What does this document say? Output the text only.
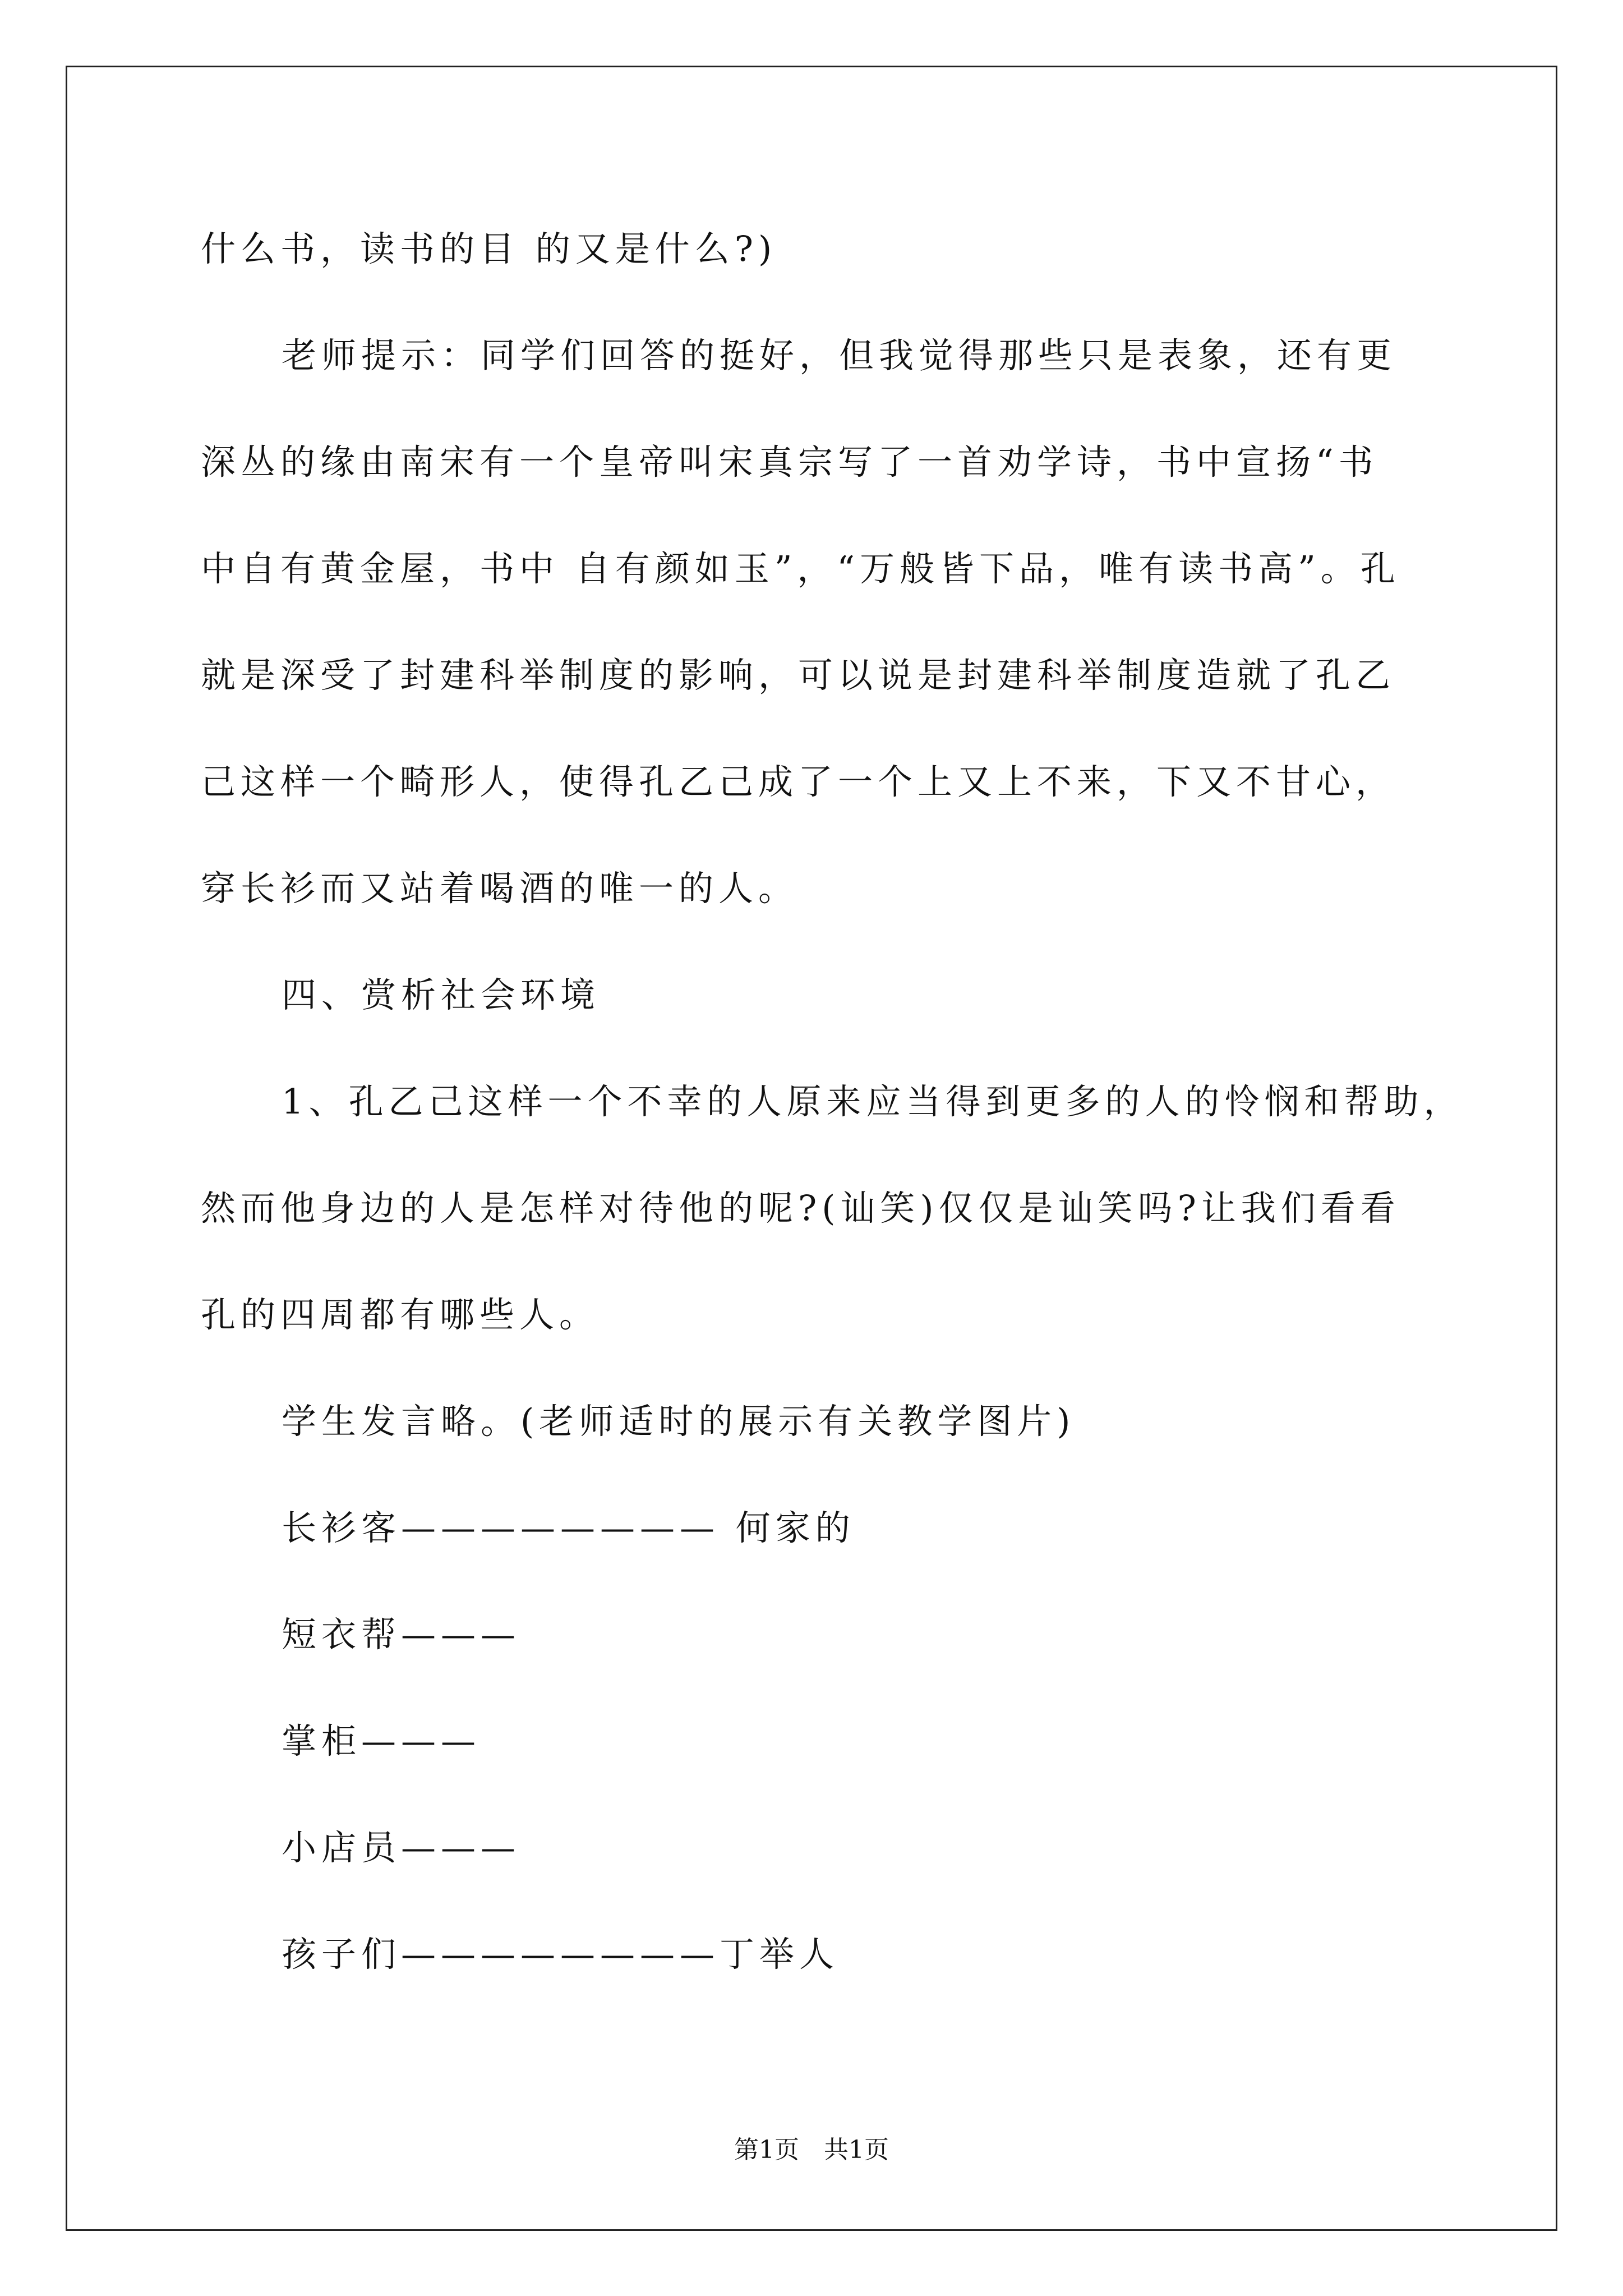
什么书，读书的目 的又是什么?)
老师提示：同学们回答的挺好，但我觉得那些只是表象，还有更
深丛的缘由南宋有一个皇帝叫宋真宗写了一首劝学诗，书中宣扬“书
中自有黄金屋，书中 自有颜如玉”，“万般皆下品，唯有读书高”。孔
就是深受了封建科举制度的影响，可以说是封建科举制度造就了孔乙
己这样一个畸形人，使得孔乙己成了一个上又上不来，下又不甘心，
穿长衫而又站着喝酒的唯一的人。
四、赏析社会环境
1、孔乙己这样一个不幸的人原来应当得到更多的人的怜悯和帮助，
然而他身边的人是怎样对待他的呢?(讪笑)仅仅是讪笑吗?让我们看看
孔的四周都有哪些人。
学生发言略。(老师适时的展示有关教学图片)
长衫客———————— 何家的
短衣帮———
掌柜———
小店员———
孩子们————————丁举人
第1页　共1页
